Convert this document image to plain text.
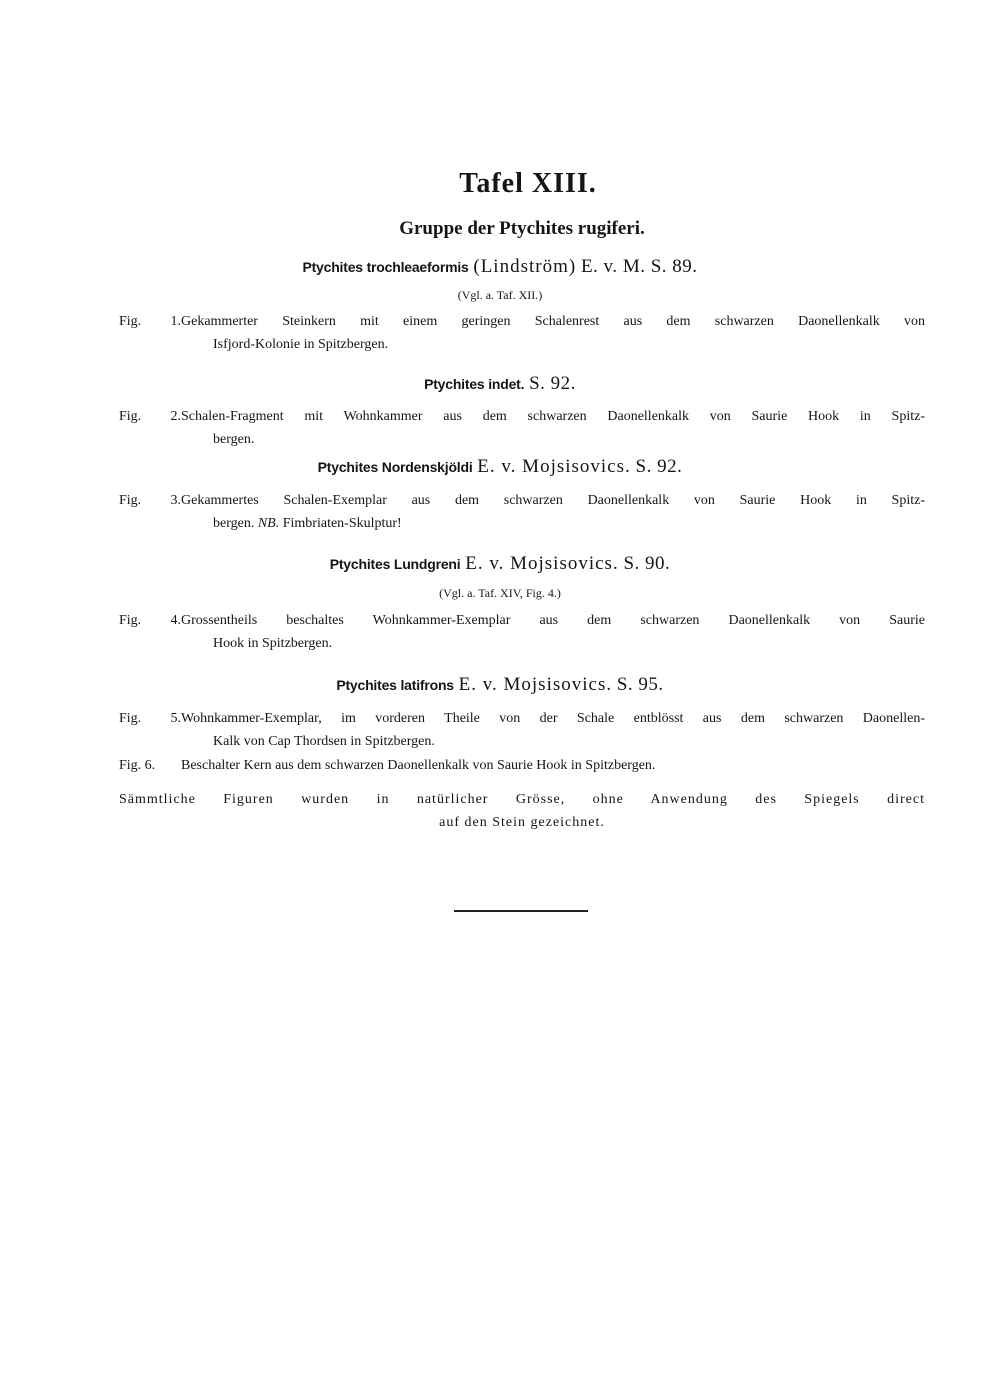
Tafel XIII.
Gruppe der Ptychites rugiferi.
Ptychites trochleaeformis (Lindström) E. v. M. S. 89.
(Vgl. a. Taf. XII.)
Fig. 1.Gekammerter Steinkern mit einem geringen Schalenrest aus dem schwarzen Daonellenkalk von
Isfjord-Kolonie in Spitzbergen.
Ptychites indet. S. 92.
Fig. 2.Schalen-Fragment mit Wohnkammer aus dem schwarzen Daonellenkalk von Saurie Hook in Spitz-
bergen.
Ptychites Nordenskjöldi E. v. Mojsisovics. S. 92.
Fig. 3.Gekammertes Schalen-Exemplar aus dem schwarzen Daonellenkalk von Saurie Hook in Spitz-
bergen. NB. Fimbriaten-Skulptur!
Ptychites Lundgreni E. v. Mojsisovics. S. 90.
(Vgl. a. Taf. XIV, Fig. 4.)
Fig. 4.Grossentheils beschaltes Wohnkammer-Exemplar aus dem schwarzen Daonellenkalk von Saurie
Hook in Spitzbergen.
Ptychites latifrons E. v. Mojsisovics. S. 95.
Fig. 5.Wohnkammer-Exemplar, im vorderen Theile von der Schale entblösst aus dem schwarzen Daonellen-
Kalk von Cap Thordsen in Spitzbergen.
Fig. 6. Beschalter Kern aus dem schwarzen Daonellenkalk von Saurie Hook in Spitzbergen.
Sämmtliche Figuren wurden in natürlicher Grösse, ohne Anwendung des Spiegels direct
auf den Stein gezeichnet.
